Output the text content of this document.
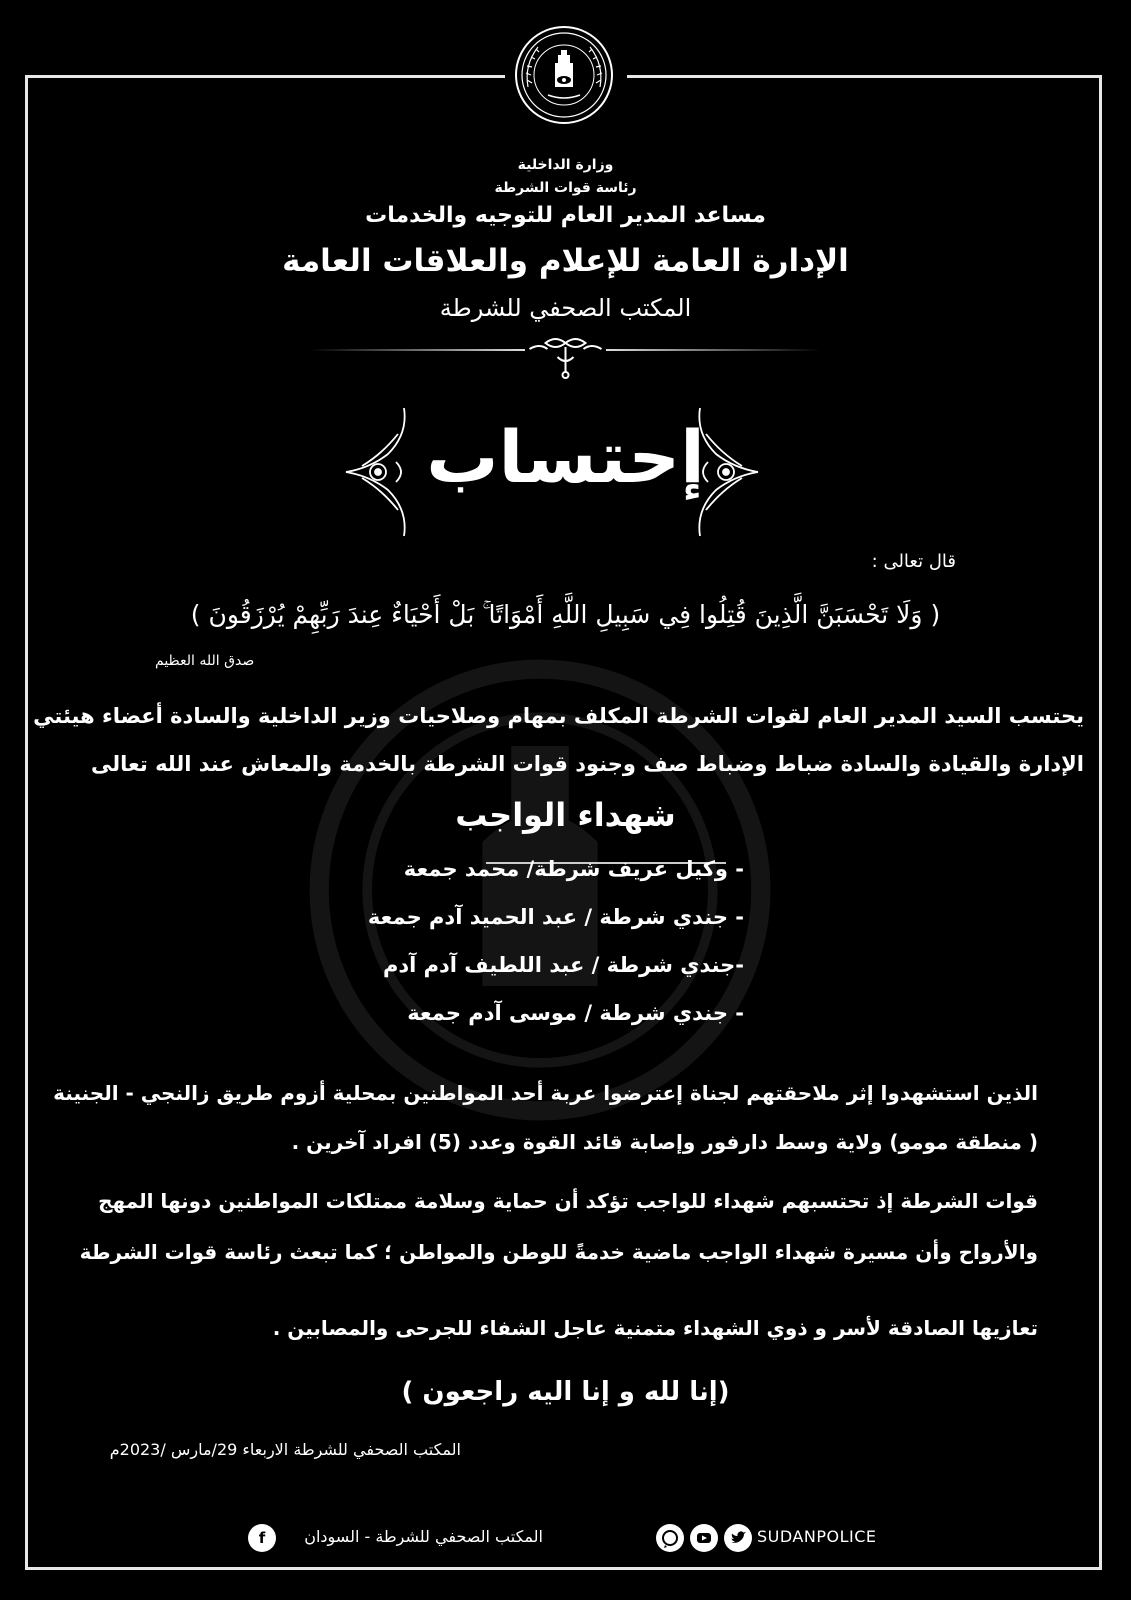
وزارة الداخلية
رئاسة قوات الشرطة
مساعد المدير العام للتوجيه والخدمات
الإدارة العامة للإعلام والعلاقات العامة
المكتب الصحفي للشرطة
إحتساب
قال تعالى :
( وَلَا تَحْسَبَنَّ الَّذِينَ قُتِلُوا فِي سَبِيلِ اللَّهِ أَمْوَاتًا ۚ بَلْ أَحْيَاءٌ عِندَ رَبِّهِمْ يُرْزَقُونَ )
صدق الله العظيم
يحتسب السيد المدير العام لقوات الشرطة المكلف بمهام وصلاحيات وزير الداخلية والسادة أعضاء هيئتي
الإدارة والقيادة والسادة ضباط وضباط صف وجنود قوات الشرطة بالخدمة والمعاش عند الله تعالى
شهداء الواجب
- وكيل عريف شرطة/ محمد جمعة
- جندي شرطة / عبد الحميد آدم جمعة
-جندي شرطة / عبد اللطيف آدم آدم
- جندي شرطة / موسى آدم جمعة
الذين استشهدوا إثر ملاحقتهم لجناة إعترضوا عربة أحد المواطنين بمحلية أزوم طريق زالنجي - الجنينة
( منطقة مومو) ولاية وسط دارفور وإصابة قائد القوة وعدد (5) افراد آخرين .
قوات الشرطة إذ تحتسبهم شهداء للواجب تؤكد أن حماية وسلامة ممتلكات المواطنين دونها المهج
والأرواح وأن مسيرة شهداء الواجب ماضية خدمةً للوطن والمواطن ؛ كما تبعث رئاسة قوات الشرطة
تعازيها الصادقة لأسر و ذوي الشهداء متمنية عاجل الشفاء للجرحى والمصابين .
(إنا لله و إنا اليه راجعون )
المكتب الصحفي للشرطة الاربعاء 29/مارس /2023م
f	المكتب الصحفي للشرطة - السودان	SUDANPOLICE
